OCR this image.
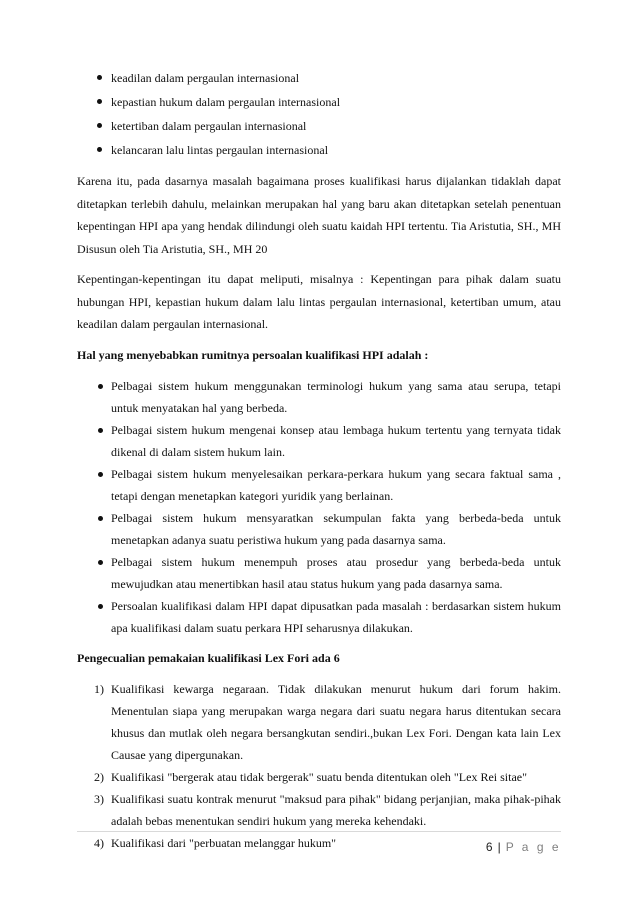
keadilan dalam pergaulan internasional
kepastian hukum dalam pergaulan internasional
ketertiban dalam pergaulan internasional
kelancaran lalu lintas pergaulan internasional

Karena itu, pada dasarnya masalah bagaimana proses kualifikasi harus dijalankan tidaklah dapat ditetapkan terlebih dahulu, melainkan merupakan hal yang baru akan ditetapkan setelah penentuan kepentingan HPI apa yang hendak dilindungi oleh suatu kaidah HPI tertentu. Tia Aristutia, SH., MH Disusun oleh Tia Aristutia, SH., MH 20

Kepentingan-kepentingan itu dapat meliputi, misalnya : Kepentingan para pihak dalam suatu hubungan HPI, kepastian hukum dalam lalu lintas pergaulan internasional, ketertiban umum, atau keadilan dalam pergaulan internasional.

Hal yang menyebabkan rumitnya persoalan kualifikasi HPI adalah :
Pelbagai sistem hukum menggunakan terminologi hukum yang sama atau serupa, tetapi untuk menyatakan hal yang berbeda.
Pelbagai sistem hukum mengenai konsep atau lembaga hukum tertentu yang ternyata tidak dikenal di dalam sistem hukum lain.
Pelbagai sistem hukum menyelesaikan perkara-perkara hukum yang secara faktual sama , tetapi dengan menetapkan kategori yuridik yang berlainan.
Pelbagai sistem hukum mensyaratkan sekumpulan fakta yang berbeda-beda untuk menetapkan adanya suatu peristiwa hukum yang pada dasarnya sama.
Pelbagai sistem hukum menempuh proses atau prosedur yang berbeda-beda untuk mewujudkan atau menertibkan hasil atau status hukum yang pada dasarnya sama.
Persoalan kualifikasi dalam HPI dapat dipusatkan pada masalah : berdasarkan sistem hukum apa kualifikasi dalam suatu perkara HPI seharusnya dilakukan.
Pengecualian pemakaian kualifikasi Lex Fori ada 6
1) Kualifikasi kewarga negaraan. Tidak dilakukan menurut hukum dari forum hakim. Menentulan siapa yang merupakan warga negara dari suatu negara harus ditentukan secara khusus dan mutlak oleh negara bersangkutan sendiri.,bukan Lex Fori. Dengan kata lain Lex Causae yang dipergunakan.
2) Kualifikasi "bergerak atau tidak bergerak" suatu benda ditentukan oleh "Lex Rei sitae"
3) Kualifikasi suatu kontrak menurut "maksud para pihak" bidang perjanjian, maka pihak-pihak adalah bebas menentukan sendiri hukum yang mereka kehendaki.
4) Kualifikasi dari "perbuatan melanggar hukum"	6 | P a g e
